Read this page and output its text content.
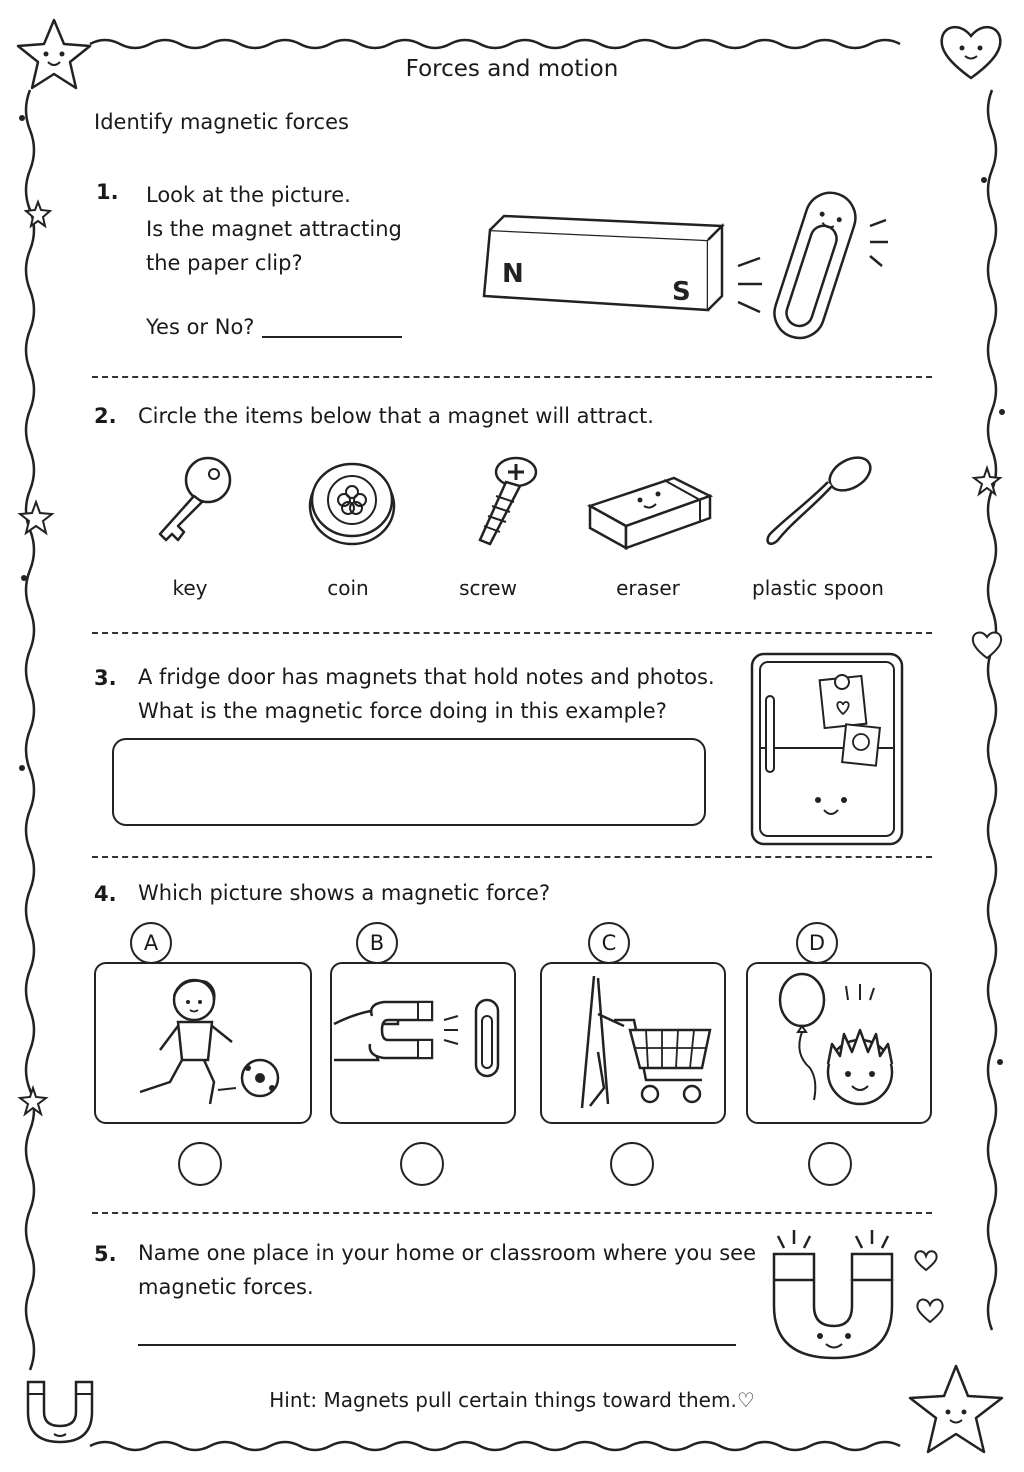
Forces and motion
Identify magnetic forces
1. Look at the picture.
Is the magnet attracting
the paper clip?
Yes or No?
N
S
2. Circle the items below that a magnet will attract.
key	coin	screw	eraser	plastic spoon
3. A fridge door has magnets that hold notes and photos.
What is the magnetic force doing in this example?
4. Which picture shows a magnetic force?
A	B	C	D
5. Name one place in your home or classroom where you see
magnetic forces.
Hint: Magnets pull certain things toward them.♡
